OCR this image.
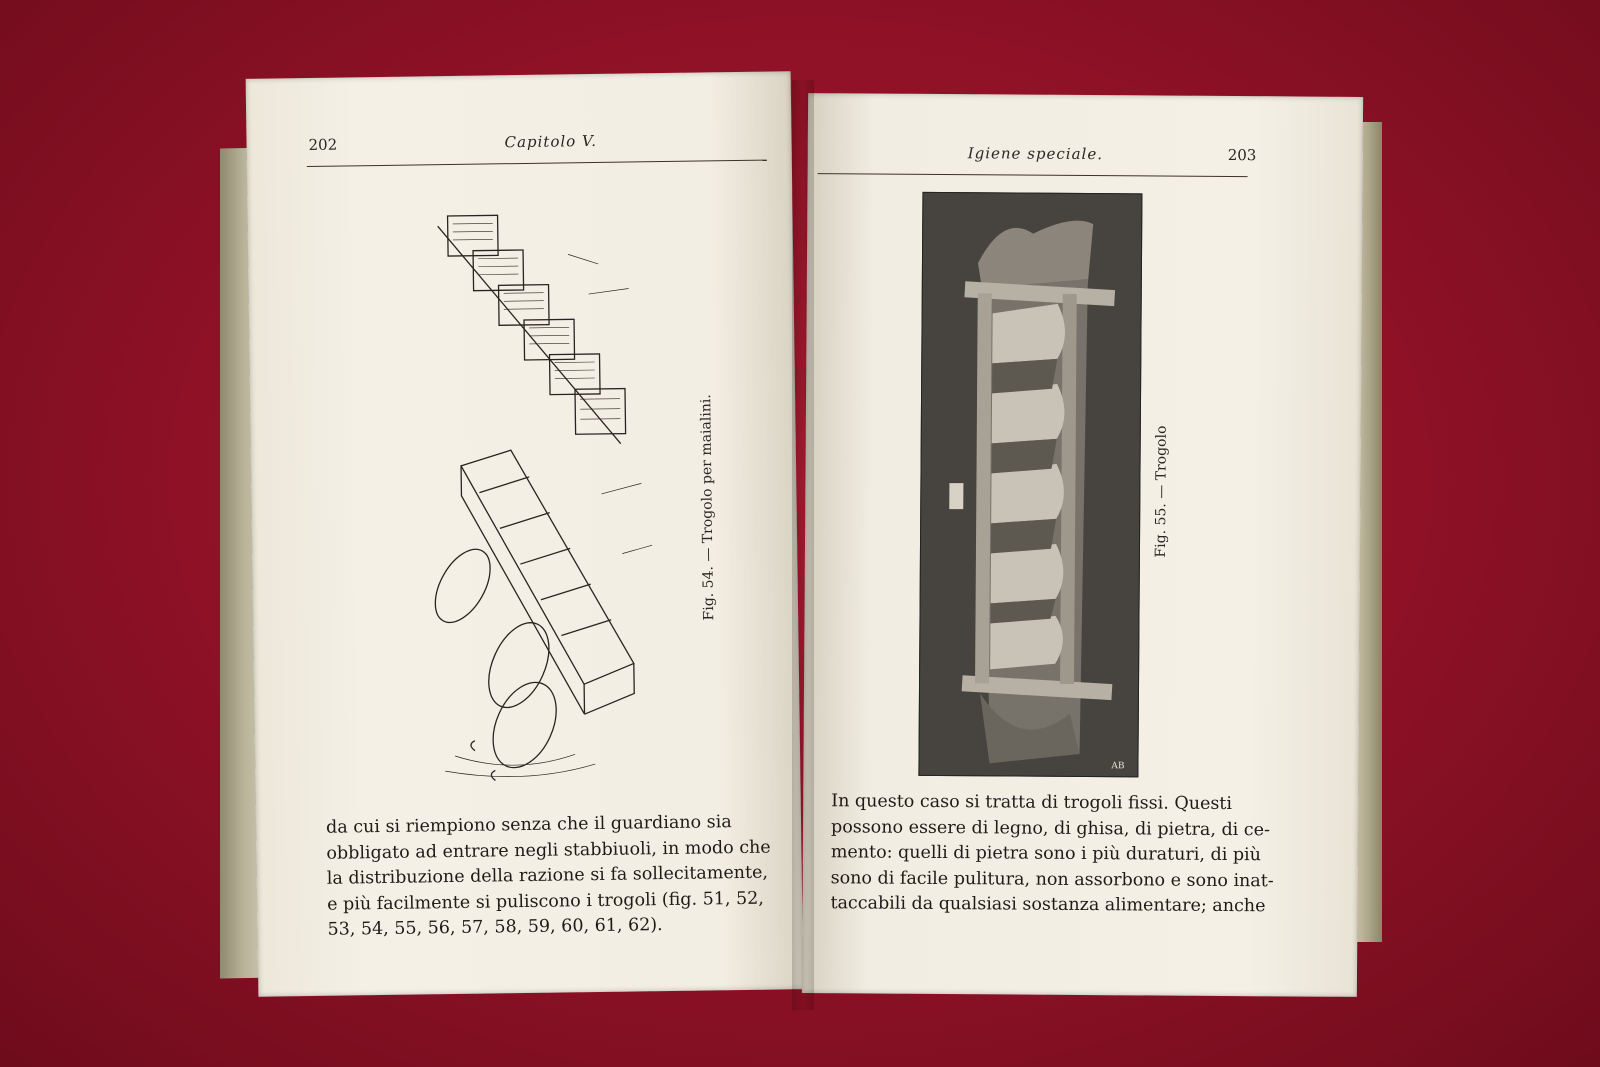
202	Capitolo V.
Fig. 54. — Trogolo per maialini.
da cui si riempiono senza che il guardiano sia
obbligato ad entrare negli stabbiuoli, in modo che
la distribuzione della razione si fa sollecitamente,
e più facilmente si puliscono i trogoli (fig. 51, 52,
53, 54, 55, 56, 57, 58, 59, 60, 61, 62).
Igiene speciale.	203
AB
Fig. 55. — Trogolo
In questo caso si tratta di trogoli fissi. Questi
possono essere di legno, di ghisa, di pietra, di ce-
mento: quelli di pietra sono i più duraturi, di più
sono di facile pulitura, non assorbono e sono inat-
taccabili da qualsiasi sostanza alimentare; anche
